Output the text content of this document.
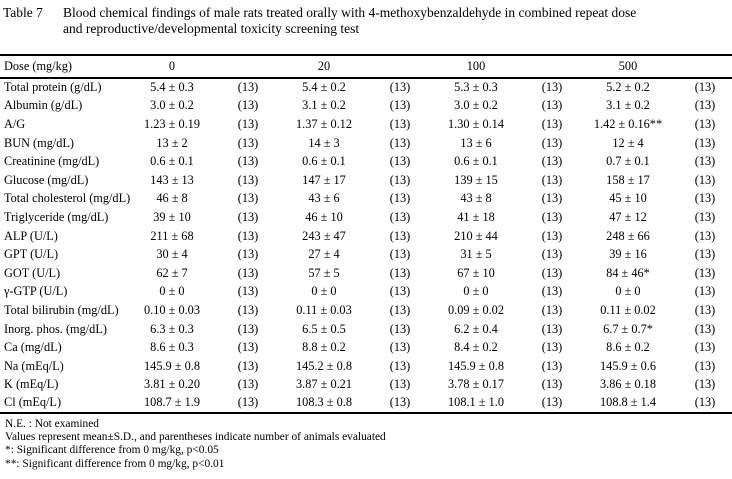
Table 7	Blood chemical findings of male rats treated orally with 4-methoxybenzaldehyde in combined repeat dose
and reproductive/developmental toxicity screening test
Dose (mg/kg)	0		20		100		500	
Total protein (g/dL)	5.4 ± 0.3	(13)	5.4 ± 0.2	(13)	5.3 ± 0.3	(13)	5.2 ± 0.2	(13)
Albumin (g/dL)	3.0 ± 0.2	(13)	3.1 ± 0.2	(13)	3.0 ± 0.2	(13)	3.1 ± 0.2	(13)
A/G	1.23 ± 0.19	(13)	1.37 ± 0.12	(13)	1.30 ± 0.14	(13)	1.42 ± 0.16**	(13)
BUN (mg/dL)	13 ± 2	(13)	14 ± 3	(13)	13 ± 6	(13)	12 ± 4	(13)
Creatinine (mg/dL)	0.6 ± 0.1	(13)	0.6 ± 0.1	(13)	0.6 ± 0.1	(13)	0.7 ± 0.1	(13)
Glucose (mg/dL)	143 ± 13	(13)	147 ± 17	(13)	139 ± 15	(13)	158 ± 17	(13)
Total cholesterol (mg/dL)	46 ± 8	(13)	43 ± 6	(13)	43 ± 8	(13)	45 ± 10	(13)
Triglyceride (mg/dL)	39 ± 10	(13)	46 ± 10	(13)	41 ± 18	(13)	47 ± 12	(13)
ALP (U/L)	211 ± 68	(13)	243 ± 47	(13)	210 ± 44	(13)	248 ± 66	(13)
GPT (U/L)	30 ± 4	(13)	27 ± 4	(13)	31 ± 5	(13)	39 ± 16	(13)
GOT (U/L)	62 ± 7	(13)	57 ± 5	(13)	67 ± 10	(13)	84 ± 46*	(13)
γ-GTP (U/L)	0 ± 0	(13)	0 ± 0	(13)	0 ± 0	(13)	0 ± 0	(13)
Total bilirubin (mg/dL)	0.10 ± 0.03	(13)	0.11 ± 0.03	(13)	0.09 ± 0.02	(13)	0.11 ± 0.02	(13)
Inorg. phos. (mg/dL)	6.3 ± 0.3	(13)	6.5 ± 0.5	(13)	6.2 ± 0.4	(13)	6.7 ± 0.7*	(13)
Ca (mg/dL)	8.6 ± 0.3	(13)	8.8 ± 0.2	(13)	8.4 ± 0.2	(13)	8.6 ± 0.2	(13)
Na (mEq/L)	145.9 ± 0.8	(13)	145.2 ± 0.8	(13)	145.9 ± 0.8	(13)	145.9 ± 0.6	(13)
K (mEq/L)	3.81 ± 0.20	(13)	3.87 ± 0.21	(13)	3.78 ± 0.17	(13)	3.86 ± 0.18	(13)
Cl (mEq/L)	108.7 ± 1.9	(13)	108.3 ± 0.8	(13)	108.1 ± 1.0	(13)	108.8 ± 1.4	(13)
N.E. : Not examined
Values represent mean±S.D., and parentheses indicate number of animals evaluated
*: Significant difference from 0 mg/kg, p<0.05
**: Significant difference from 0 mg/kg, p<0.01
